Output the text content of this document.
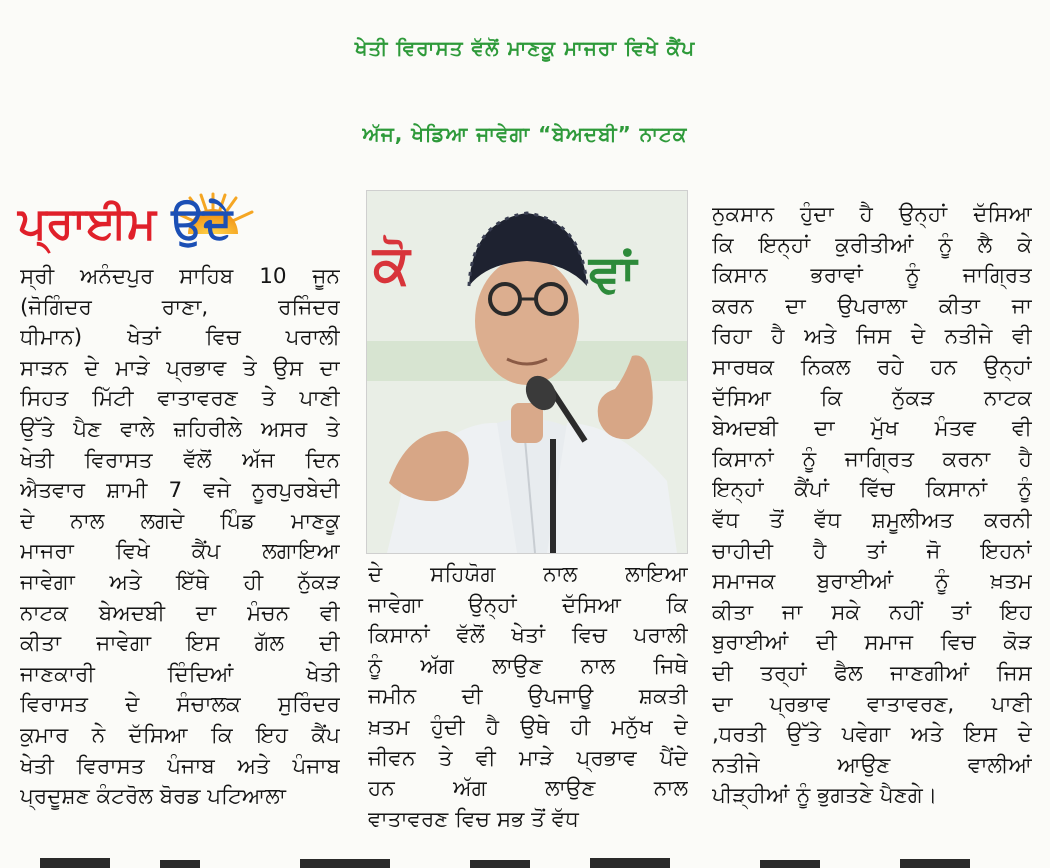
ਖੇਤੀ ਵਿਰਾਸਤ ਵੱਲੋਂ ਮਾਣਕੂ ਮਾਜਰਾ ਵਿਖੇ ਕੈਂਪ
ਅੱਜ, ਖੇਡਿਆ ਜਾਵੇਗਾ “ਬੇਅਦਬੀ” ਨਾਟਕ
ਪ੍ਰਾਈਮ ਉਦੇ
ਸ੍ਰੀ ਅਨੰਦਪੁਰ ਸਾਹਿਬ 10 ਜੂਨ
(ਜੋਗਿੰਦਰ ਰਾਣਾ, ਰਜਿੰਦਰ
ਧੀਮਾਨ) ਖੇਤਾਂ ਵਿਚ ਪਰਾਲੀ
ਸਾੜਨ ਦੇ ਮਾੜੇ ਪ੍ਰਭਾਵ ਤੇ ਉਸ ਦਾ
ਸਿਹਤ ਮਿੱਟੀ ਵਾਤਾਵਰਣ ਤੇ ਪਾਣੀ
ਉੱਤੇ ਪੈਣ ਵਾਲੇ ਜ਼ਹਿਰੀਲੇ ਅਸਰ ਤੇ
ਖੇਤੀ ਵਿਰਾਸਤ ਵੱਲੋਂ ਅੱਜ ਦਿਨ
ਐਤਵਾਰ ਸ਼ਾਮੀ 7 ਵਜੇ ਨੂਰਪੁਰਬੇਦੀ
ਦੇ ਨਾਲ ਲਗਦੇ ਪਿੰਡ ਮਾਣਕੂ
ਮਾਜਰਾ ਵਿਖੇ ਕੈਂਪ ਲਗਾਇਆ
ਜਾਵੇਗਾ ਅਤੇ ਇੱਥੇ ਹੀ ਨੁੱਕੜ
ਨਾਟਕ ਬੇਅਦਬੀ ਦਾ ਮੰਚਨ ਵੀ
ਕੀਤਾ ਜਾਵੇਗਾ ਇਸ ਗੱਲ ਦੀ
ਜਾਣਕਾਰੀ ਦਿੰਦਿਆਂ ਖੇਤੀ
ਵਿਰਾਸਤ ਦੇ ਸੰਚਾਲਕ ਸੁਰਿੰਦਰ
ਕੁਮਾਰ ਨੇ ਦੱਸਿਆ ਕਿ ਇਹ ਕੈਂਪ
ਖੇਤੀ ਵਿਰਾਸਤ ਪੰਜਾਬ ਅਤੇ ਪੰਜਾਬ
ਪ੍ਰਦੂਸ਼ਣ ਕੰਟਰੋਲ ਬੋਰਡ ਪਟਿਆਲਾ
ਕੋ	ਵਾਂ
ਦੇ ਸਹਿਯੋਗ ਨਾਲ ਲਾਇਆ
ਜਾਵੇਗਾ ਉਨ੍ਹਾਂ ਦੱਸਿਆ ਕਿ
ਕਿਸਾਨਾਂ ਵੱਲੋਂ ਖੇਤਾਂ ਵਿਚ ਪਰਾਲੀ
ਨੂੰ ਅੱਗ ਲਾਉਣ ਨਾਲ ਜਿਥੇ
ਜਮੀਨ ਦੀ ਉਪਜਾਊ ਸ਼ਕਤੀ
ਖ਼ਤਮ ਹੁੰਦੀ ਹੈ ਉਥੇ ਹੀ ਮਨੁੱਖ ਦੇ
ਜੀਵਨ ਤੇ ਵੀ ਮਾੜੇ ਪ੍ਰਭਾਵ ਪੈਂਦੇ
ਹਨ ਅੱਗ ਲਾਉਣ ਨਾਲ
ਵਾਤਾਵਰਣ ਵਿਚ ਸਭ ਤੋਂ ਵੱਧ
ਨੁਕਸਾਨ ਹੁੰਦਾ ਹੈ ਉਨ੍ਹਾਂ ਦੱਸਿਆ
ਕਿ ਇਨ੍ਹਾਂ ਕੁਰੀਤੀਆਂ ਨੂੰ ਲੈ ਕੇ
ਕਿਸਾਨ ਭਰਾਵਾਂ ਨੂੰ ਜਾਗ੍ਰਿਤ
ਕਰਨ ਦਾ ਉਪਰਾਲਾ ਕੀਤਾ ਜਾ
ਰਿਹਾ ਹੈ ਅਤੇ ਜਿਸ ਦੇ ਨਤੀਜੇ ਵੀ
ਸਾਰਥਕ ਨਿਕਲ ਰਹੇ ਹਨ ਉਨ੍ਹਾਂ
ਦੱਸਿਆ ਕਿ ਨੁੱਕੜ ਨਾਟਕ
ਬੇਅਦਬੀ ਦਾ ਮੁੱਖ ਮੰਤਵ ਵੀ
ਕਿਸਾਨਾਂ ਨੂੰ ਜਾਗ੍ਰਿਤ ਕਰਨਾ ਹੈ
ਇਨ੍ਹਾਂ ਕੈਂਪਾਂ ਵਿੱਚ ਕਿਸਾਨਾਂ ਨੂੰ
ਵੱਧ ਤੋਂ ਵੱਧ ਸ਼ਮੂਲੀਅਤ ਕਰਨੀ
ਚਾਹੀਦੀ ਹੈ ਤਾਂ ਜੋ ਇਹਨਾਂ
ਸਮਾਜਕ ਬੁਰਾਈਆਂ ਨੂੰ ਖ਼ਤਮ
ਕੀਤਾ ਜਾ ਸਕੇ ਨਹੀਂ ਤਾਂ ਇਹ
ਬੁਰਾਈਆਂ ਦੀ ਸਮਾਜ ਵਿਚ ਕੋੜ
ਦੀ ਤਰ੍ਹਾਂ ਫੈਲ ਜਾਣਗੀਆਂ ਜਿਸ
ਦਾ ਪ੍ਰਭਾਵ ਵਾਤਾਵਰਣ, ਪਾਣੀ
,ਧਰਤੀ ਉੱਤੇ ਪਵੇਗਾ ਅਤੇ ਇਸ ਦੇ
ਨਤੀਜੇ ਆਉਣ ਵਾਲੀਆਂ
ਪੀੜ੍ਹੀਆਂ ਨੂੰ ਭੁਗਤਣੇ ਪੈਣਗੇ।
